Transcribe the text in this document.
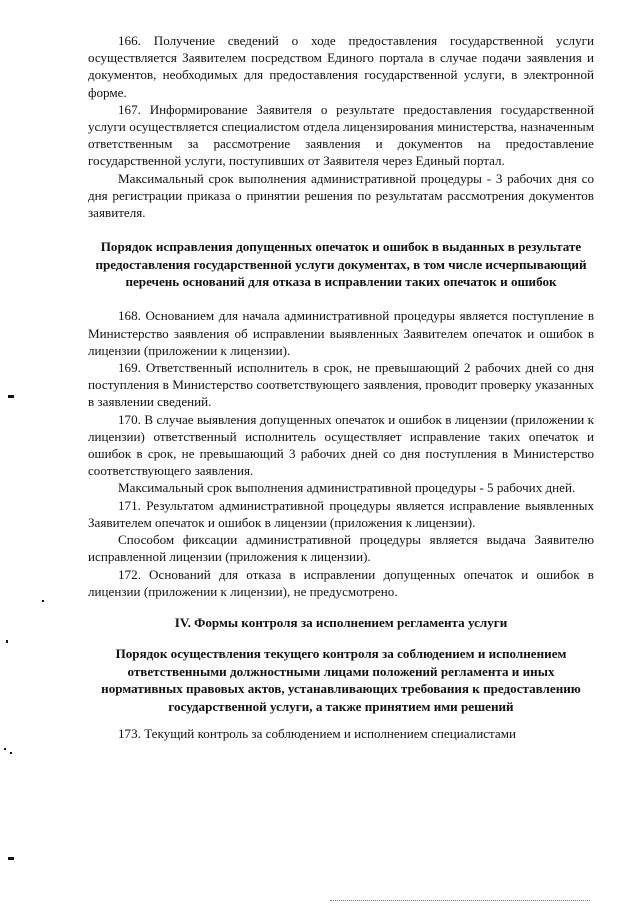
166. Получение сведений о ходе предоставления государственной услуги осуществляется Заявителем посредством Единого портала в случае подачи заявления и документов, необходимых для предоставления государственной услуги, в электронной форме.

167. Информирование Заявителя о результате предоставления государственной услуги осуществляется специалистом отдела лицензирования министерства, назначенным ответственным за рассмотрение заявления и документов на предоставление государственной услуги, поступивших от Заявителя через Единый портал.

Максимальный срок выполнения административной процедуры - 3 рабочих дня со дня регистрации приказа о принятии решения по результатам рассмотрения документов заявителя.

Порядок исправления допущенных опечаток и ошибок в выданных в результате предоставления государственной услуги документах, в том числе исчерпывающий перечень оснований для отказа в исправлении таких опечаток и ошибок

168. Основанием для начала административной процедуры является поступление в Министерство заявления об исправлении выявленных Заявителем опечаток и ошибок в лицензии (приложении к лицензии).

169. Ответственный исполнитель в срок, не превышающий 2 рабочих дней со дня поступления в Министерство соответствующего заявления, проводит проверку указанных в заявлении сведений.

170. В случае выявления допущенных опечаток и ошибок в лицензии (приложении к лицензии) ответственный исполнитель осуществляет исправление таких опечаток и ошибок в срок, не превышающий 3 рабочих дней со дня поступления в Министерство соответствующего заявления.

Максимальный срок выполнения административной процедуры - 5 рабочих дней.

171. Результатом административной процедуры является исправление выявленных Заявителем опечаток и ошибок в лицензии (приложения к лицензии).

Способом фиксации административной процедуры является выдача Заявителю исправленной лицензии (приложения к лицензии).

172. Оснований для отказа в исправлении допущенных опечаток и ошибок в лицензии (приложении к лицензии), не предусмотрено.

IV. Формы контроля за исполнением регламента услуги

Порядок осуществления текущего контроля за соблюдением и исполнением ответственными должностными лицами положений регламента и иных нормативных правовых актов, устанавливающих требования к предоставлению государственной услуги, а также принятием ими решений

173. Текущий контроль за соблюдением и исполнением специалистами
